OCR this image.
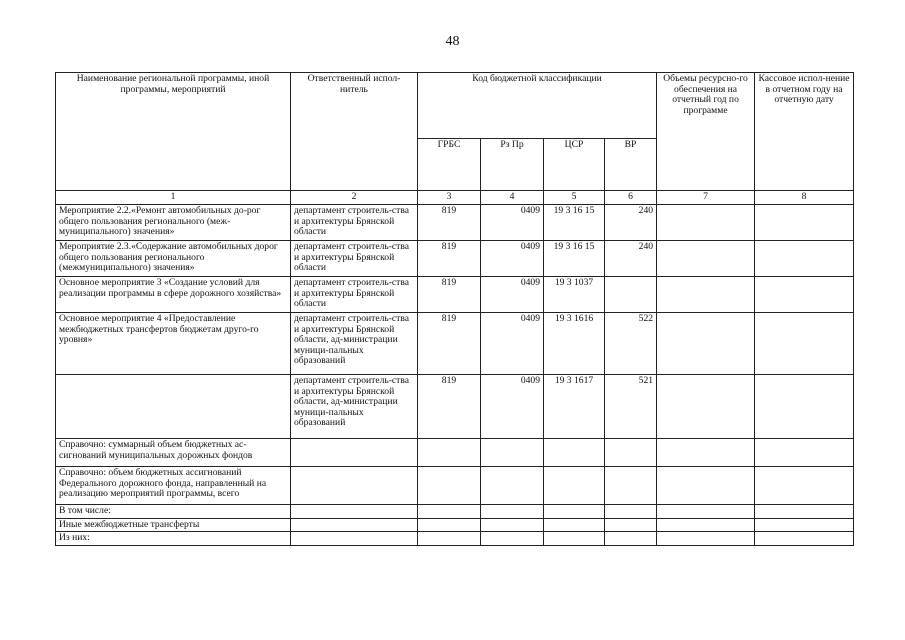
48
Наименование региональной программы, иной программы, мероприятий	Ответственный испол-нитель	Код бюджетной классификации				Объемы ресурсно-го обеспечения на отчетный год по программе	Кассовое испол-нение в отчетном году на отчетную дату
		ГРБС	Рз Пр	ЦСР	ВР		
1	2	3	4	5	6	7	8
Мероприятие 2.2.«Ремонт автомобильных до-рог общего пользования регионального (меж-муниципального) значения»	департамент строитель-ства и архитектуры Брянской области	819	0409	19 3 16 15	240		
Мероприятие 2.3.«Содержание автомобильных дорог общего пользования регионального (межмуниципального) значения»	департамент строитель-ства и архитектуры Брянской области	819	0409	19 3 16 15	240		
Основное мероприятие 3 «Создание условий для реализации программы в сфере дорожного хозяйства»	департамент строитель-ства и архитектуры Брянской области	819	0409	19 3 1037			
Основное мероприятие 4 «Предоставление межбюджетных трансфертов бюджетам друго-го уровня»	департамент строитель-ства и архитектуры Брянской области, ад-министрации муници-пальных образований	819	0409	19 3 1616	522		
	департамент строитель-ства и архитектуры Брянской области, ад-министрации муници-пальных образований	819	0409	19 3 1617	521		
Справочно: суммарный объем бюджетных ас-сигнований муниципальных дорожных фондов							
Справочно: объем бюджетных ассигнований Федерального дорожного фонда, направленный на реализацию мероприятий программы, всего							
В том числе:							
Иные межбюджетные трансферты							
Из них:							
